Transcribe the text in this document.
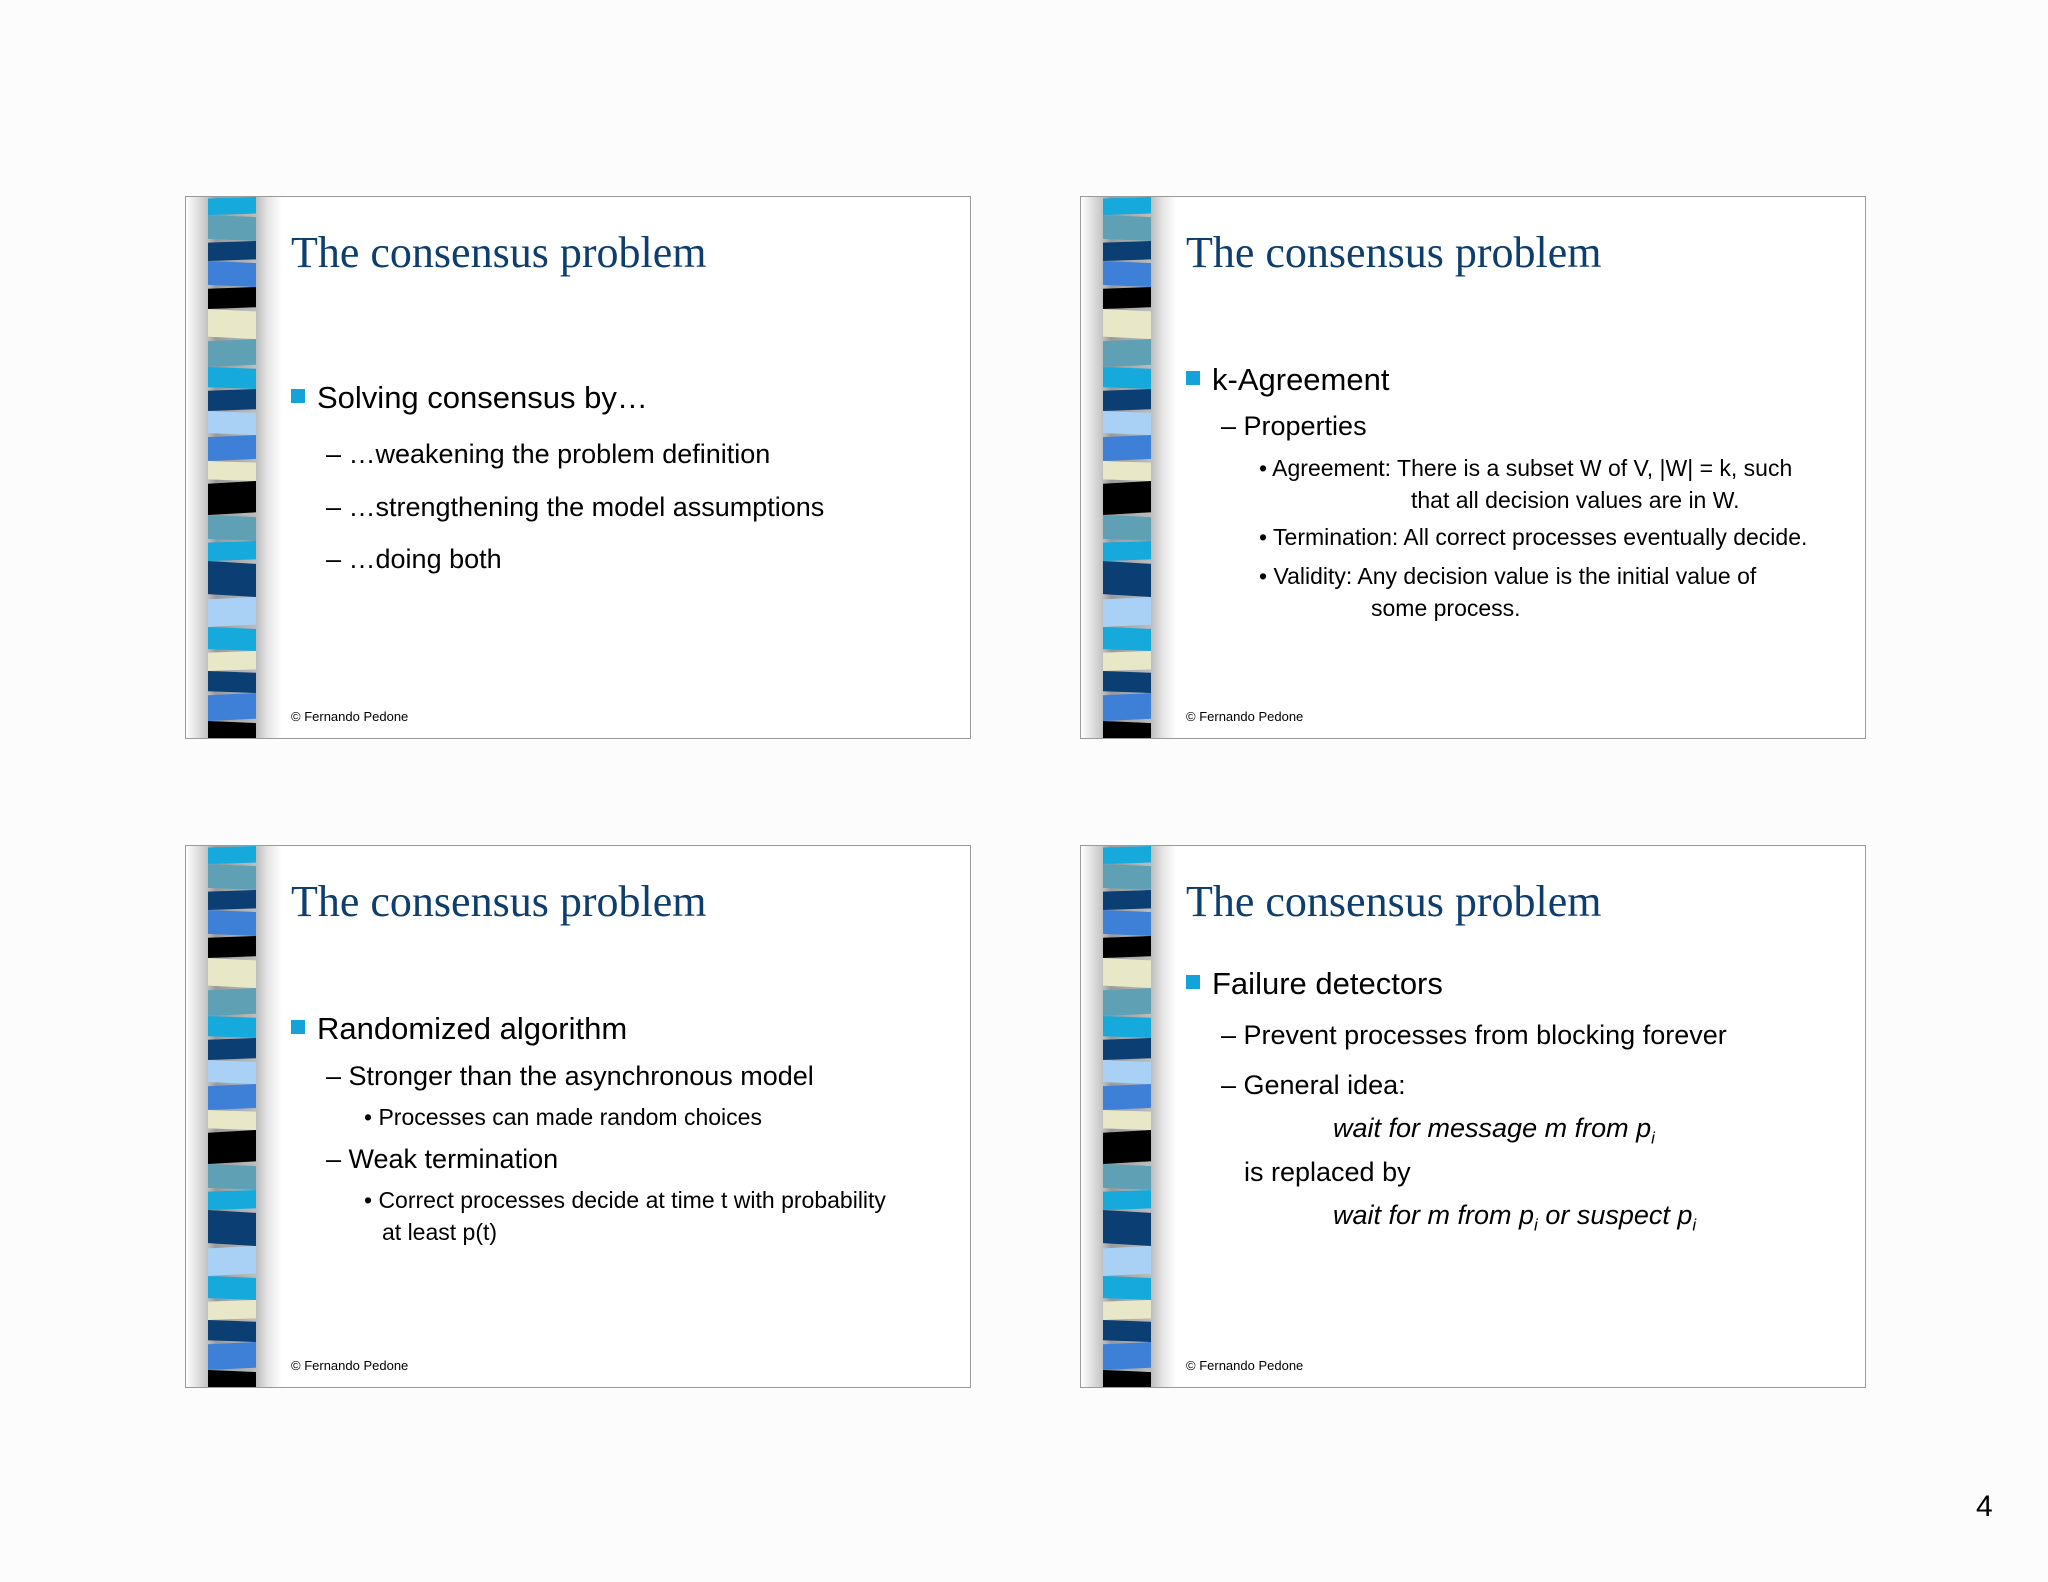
The consensus problem
Solving consensus by…
– …weakening the problem definition
– …strengthening the model assumptions
– …doing both
© Fernando Pedone
The consensus problem
k-Agreement
– Properties
• Agreement: There is a subset W of V, |W| = k, such
that all decision values are in W.
• Termination: All correct processes eventually decide.
• Validity: Any decision value is the initial value of
some process.
© Fernando Pedone
The consensus problem
Randomized algorithm
– Stronger than the asynchronous model
• Processes can made random choices
– Weak termination
• Correct processes decide at time t with probability
at least p(t)
© Fernando Pedone
The consensus problem
Failure detectors
– Prevent processes from blocking forever
– General idea:
wait for message m from $p_i$
is replaced by
wait for m from $p_i$ or suspect $p_i$
© Fernando Pedone
4
